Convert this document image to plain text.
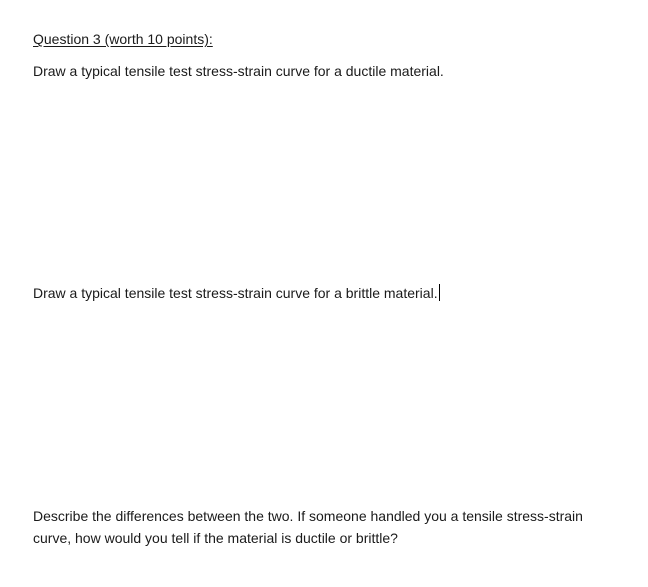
Question 3 (worth 10 points):
Draw a typical tensile test stress-strain curve for a ductile material.
Draw a typical tensile test stress-strain curve for a brittle material.
Describe the differences between the two. If someone handled you a tensile stress-strain
curve, how would you tell if the material is ductile or brittle?
